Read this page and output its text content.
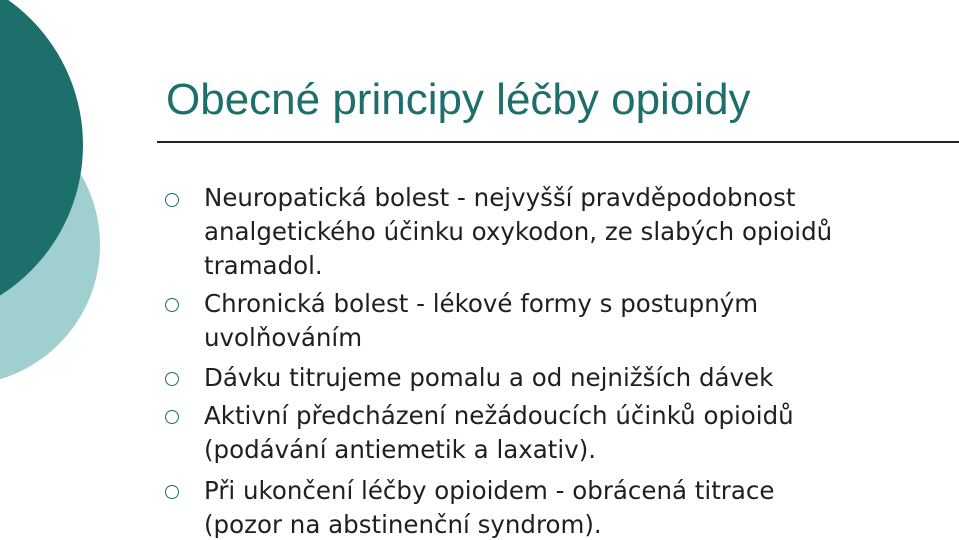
Obecné principy léčby opioidy

Neuropatická bolest - nejvyšší pravděpodobnost
analgetického účinku oxykodon, ze slabých opioidů
tramadol.

Chronická bolest - lékové formy s postupným
uvolňováním

Dávku titrujeme pomalu a od nejnižších dávek

Aktivní předcházení nežádoucích účinků opioidů
(podávání antiemetik a laxativ).

Při ukončení léčby opioidem - obrácená titrace
(pozor na abstinenční syndrom).
